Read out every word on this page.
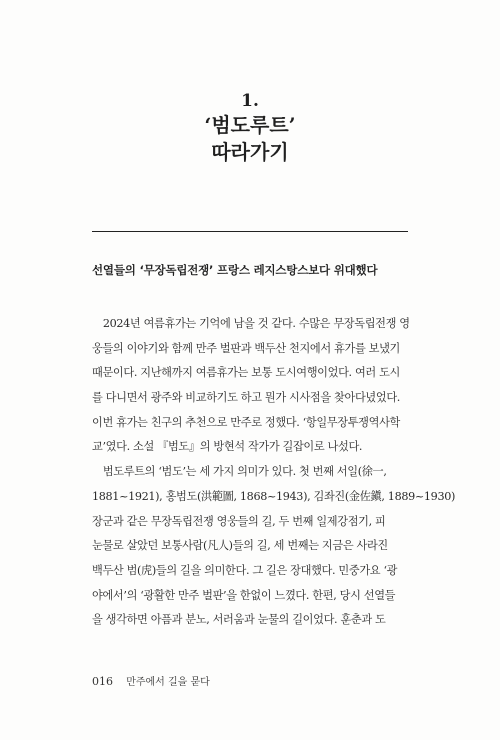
1.
‘범도루트’
따라가기
선열들의 ‘무장독립전쟁’ 프랑스 레지스탕스보다 위대했다
　2024년 여름휴가는 기억에 남을 것 같다. 수많은 무장독립전쟁 영
웅들의 이야기와 함께 만주 벌판과 백두산 천지에서 휴가를 보냈기
때문이다. 지난해까지 여름휴가는 보통 도시여행이었다. 여러 도시
를 다니면서 광주와 비교하기도 하고 뭔가 시사점을 찾아다녔었다.
이번 휴가는 친구의 추천으로 만주로 정했다. ‘항일무장투쟁역사학
교’였다. 소설 『범도』의 방현석 작가가 길잡이로 나섰다.
　범도루트의 ‘범도’는 세 가지 의미가 있다. 첫 번째 서일(徐一,
1881~1921), 홍범도(洪範圖, 1868~1943), 김좌진(金佐鎭, 1889~1930)
장군과 같은 무장독립전쟁 영웅들의 길, 두 번째 일제강점기, 피
눈물로 살았던 보통사람(凡人)들의 길, 세 번째는 지금은 사라진
백두산 범(虎)들의 길을 의미한다. 그 길은 장대했다. 민중가요 ‘광
야에서’의 ‘광활한 만주 벌판’을 한없이 느꼈다. 한편, 당시 선열들
을 생각하면 아픔과 분노, 서러움과 눈물의 길이었다. 훈춘과 도
016 만주에서 길을 묻다
